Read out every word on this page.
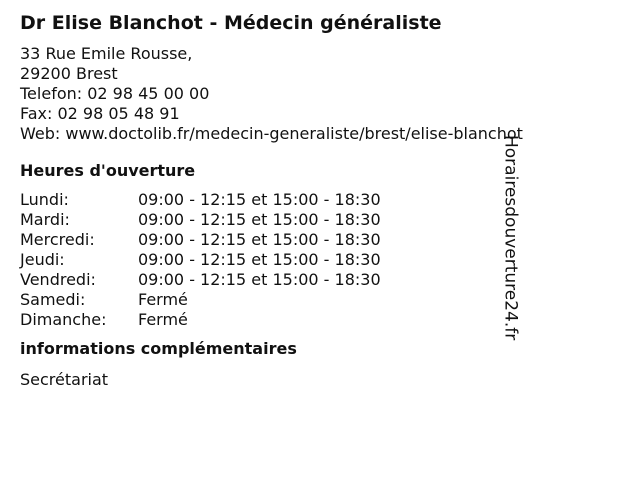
Dr Elise Blanchot - Médecin généraliste
33 Rue Emile Rousse,
29200 Brest
Telefon: 02 98 45 00 00
Fax: 02 98 05 48 91
Web: www.doctolib.fr/medecin-generaliste/brest/elise-blanchot
Heures d'ouverture
Lundi:	09:00 - 12:15 et 15:00 - 18:30
Mardi:	09:00 - 12:15 et 15:00 - 18:30
Mercredi:	09:00 - 12:15 et 15:00 - 18:30
Jeudi:	09:00 - 12:15 et 15:00 - 18:30
Vendredi:	09:00 - 12:15 et 15:00 - 18:30
Samedi:	Fermé
Dimanche:	Fermé
informations complémentaires
Secrétariat
Horairesdouverture24.fr
